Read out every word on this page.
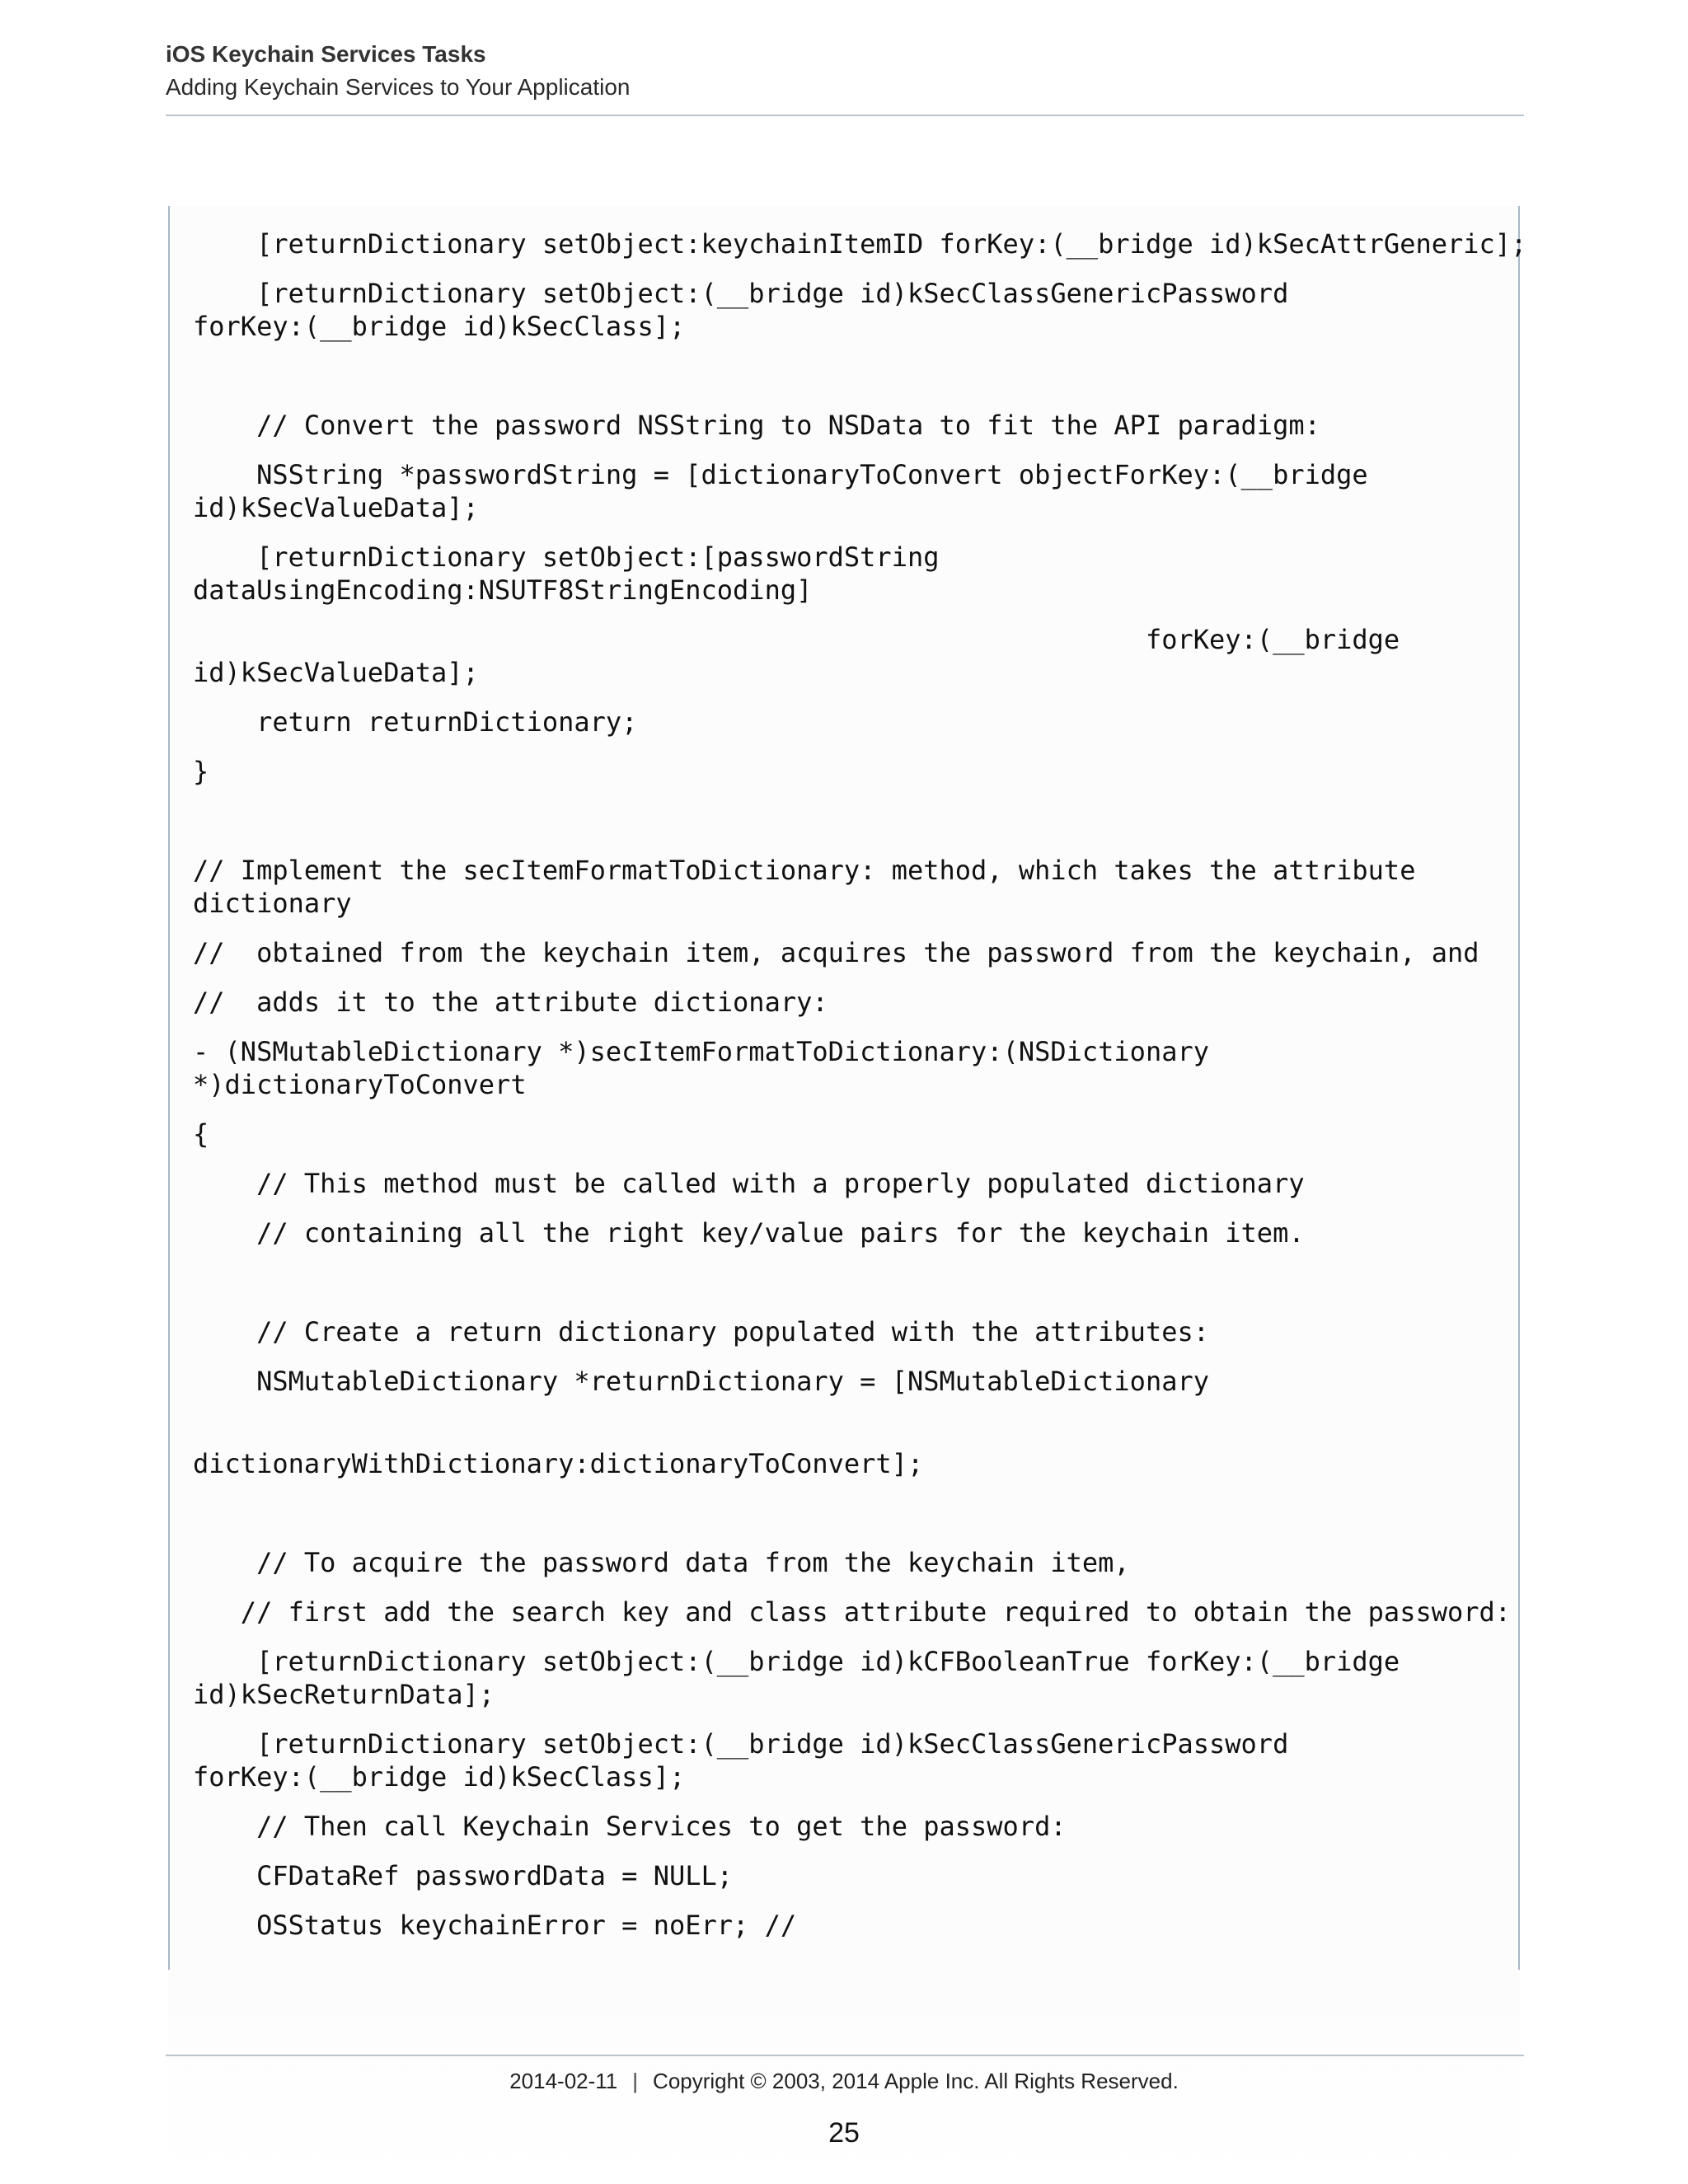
iOS Keychain Services Tasks

Adding Keychain Services to Your Application

[returnDictionary setObject:keychainItemID forKey:(__bridge id)kSecAttrGeneric];

[returnDictionary setObject:(__bridge id)kSecClassGenericPassword

forKey:(__bridge id)kSecClass];

// Convert the password NSString to NSData to fit the API paradigm:

NSString *passwordString = [dictionaryToConvert objectForKey:(__bridge

id)kSecValueData];

[returnDictionary setObject:[passwordString

dataUsingEncoding:NSUTF8StringEncoding]

forKey:(__bridge

id)kSecValueData];

return returnDictionary;

}

// Implement the secItemFormatToDictionary: method, which takes the attribute

dictionary

//  obtained from the keychain item, acquires the password from the keychain, and

//  adds it to the attribute dictionary:

- (NSMutableDictionary *)secItemFormatToDictionary:(NSDictionary

*)dictionaryToConvert

{

// This method must be called with a properly populated dictionary

// containing all the right key/value pairs for the keychain item.

// Create a return dictionary populated with the attributes:

NSMutableDictionary *returnDictionary = [NSMutableDictionary

dictionaryWithDictionary:dictionaryToConvert];

// To acquire the password data from the keychain item,

// first add the search key and class attribute required to obtain the password:

[returnDictionary setObject:(__bridge id)kCFBooleanTrue forKey:(__bridge

id)kSecReturnData];

[returnDictionary setObject:(__bridge id)kSecClassGenericPassword

forKey:(__bridge id)kSecClass];

// Then call Keychain Services to get the password:

CFDataRef passwordData = NULL;

OSStatus keychainError = noErr; //

2014-02-11 | Copyright © 2003, 2014 Apple Inc. All Rights Reserved.
25
